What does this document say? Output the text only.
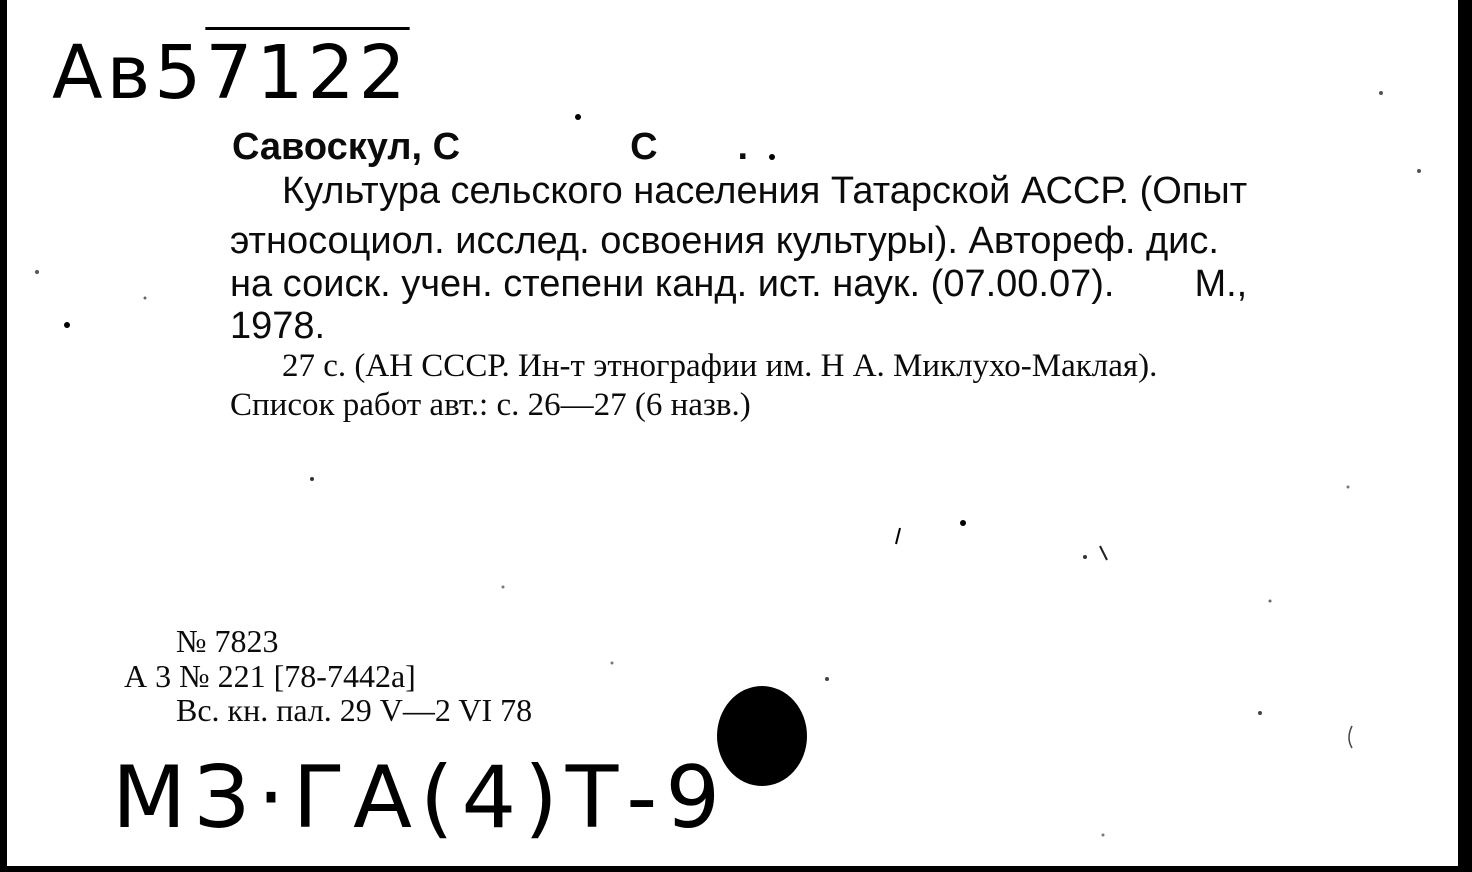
Ав57122
Савоскул, С	С .
Культура сельского населения Татарской АССР. (Опыт
этносоциол. исслед. освоения культуры). Автореф. дис.
на соиск. учен. степени канд. ист. наук. (07.00.07). М.,
1978.
27 с. (АН СССР. Ин-т этнографии им. Н А. Миклухо-Маклая).
Список работ авт.: с. 26—27 (6 назв.)
№ 7823
А 3 № 221 [78-7442а]
Вс. кн. пал. 29 V—2 VI 78
МЗ·ГА(4)Т-9
